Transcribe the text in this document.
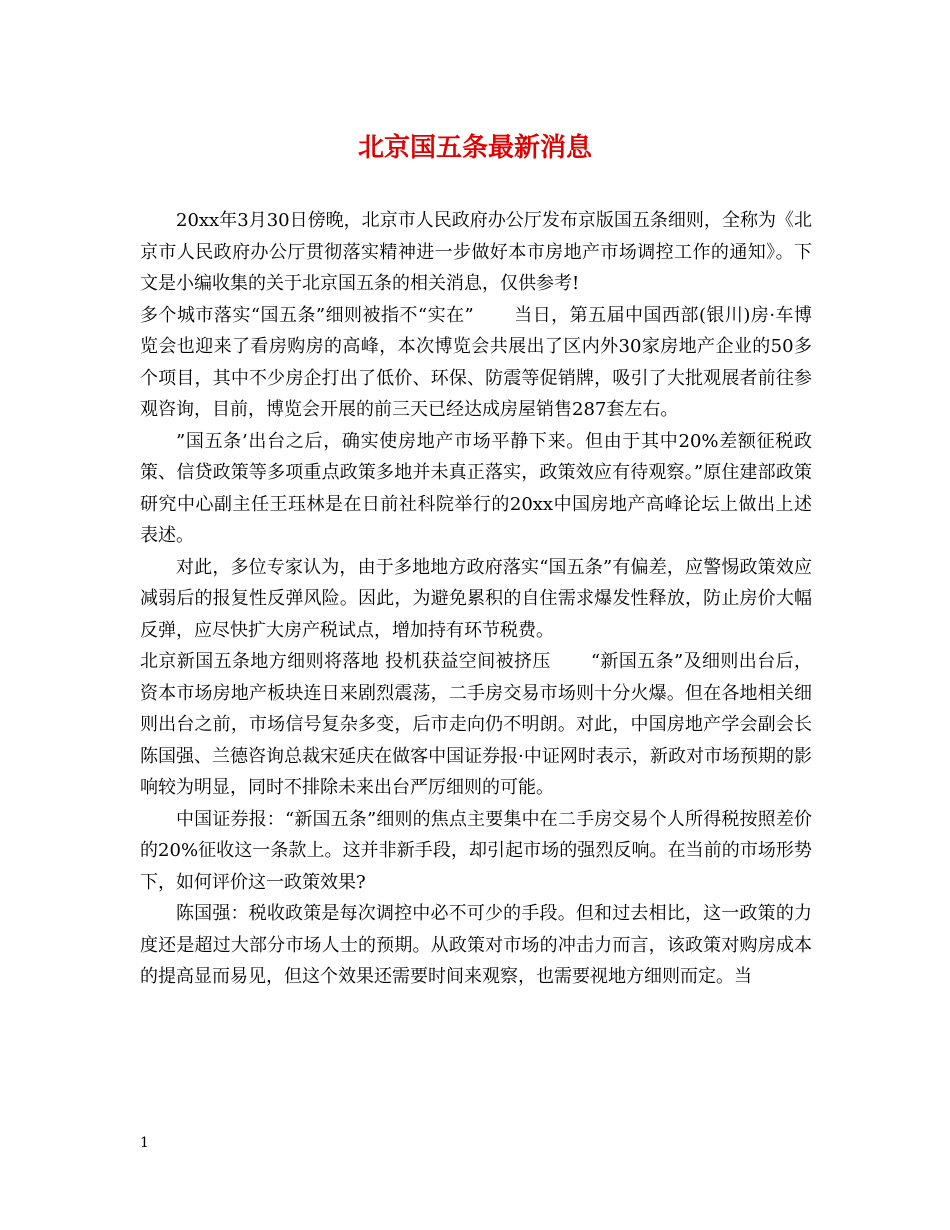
北京国五条最新消息

20xx年3月30日傍晚，北京市人民政府办公厅发布京版国五条细则，全称为《北京市人民政府办公厅贯彻落实精神进一步做好本市房地产市场调控工作的通知》。下文是小编收集的关于北京国五条的相关消息，仅供参考!

多个城市落实“国五条”细则被指不“实在” 当日，第五届中国西部(银川)房·车博览会也迎来了看房购房的高峰，本次博览会共展出了区内外30家房地产企业的50多个项目，其中不少房企打出了低价、环保、防震等促销牌，吸引了大批观展者前往参观咨询，目前，博览会开展的前三天已经达成房屋销售287套左右。

”国五条’出台之后，确实使房地产市场平静下来。但由于其中20%差额征税政策、信贷政策等多项重点政策多地并未真正落实，政策效应有待观察。”原住建部政策研究中心副主任王珏林是在日前社科院举行的20xx中国房地产高峰论坛上做出上述表述。

对此，多位专家认为，由于多地地方政府落实“国五条”有偏差，应警惕政策效应减弱后的报复性反弹风险。因此，为避免累积的自住需求爆发性释放，防止房价大幅反弹，应尽快扩大房产税试点，增加持有环节税费。

北京新国五条地方细则将落地 投机获益空间被挤压 “新国五条”及细则出台后，资本市场房地产板块连日来剧烈震荡，二手房交易市场则十分火爆。但在各地相关细则出台之前，市场信号复杂多变，后市走向仍不明朗。对此，中国房地产学会副会长陈国强、兰德咨询总裁宋延庆在做客中国证券报·中证网时表示，新政对市场预期的影响较为明显，同时不排除未来出台严厉细则的可能。

中国证券报：“新国五条”细则的焦点主要集中在二手房交易个人所得税按照差价的20%征收这一条款上。这并非新手段，却引起市场的强烈反响。在当前的市场形势下，如何评价这一政策效果?

陈国强：税收政策是每次调控中必不可少的手段。但和过去相比，这一政策的力度还是超过大部分市场人士的预期。从政策对市场的冲击力而言，该政策对购房成本的提高显而易见，但这个效果还需要时间来观察，也需要视地方细则而定。当

1
